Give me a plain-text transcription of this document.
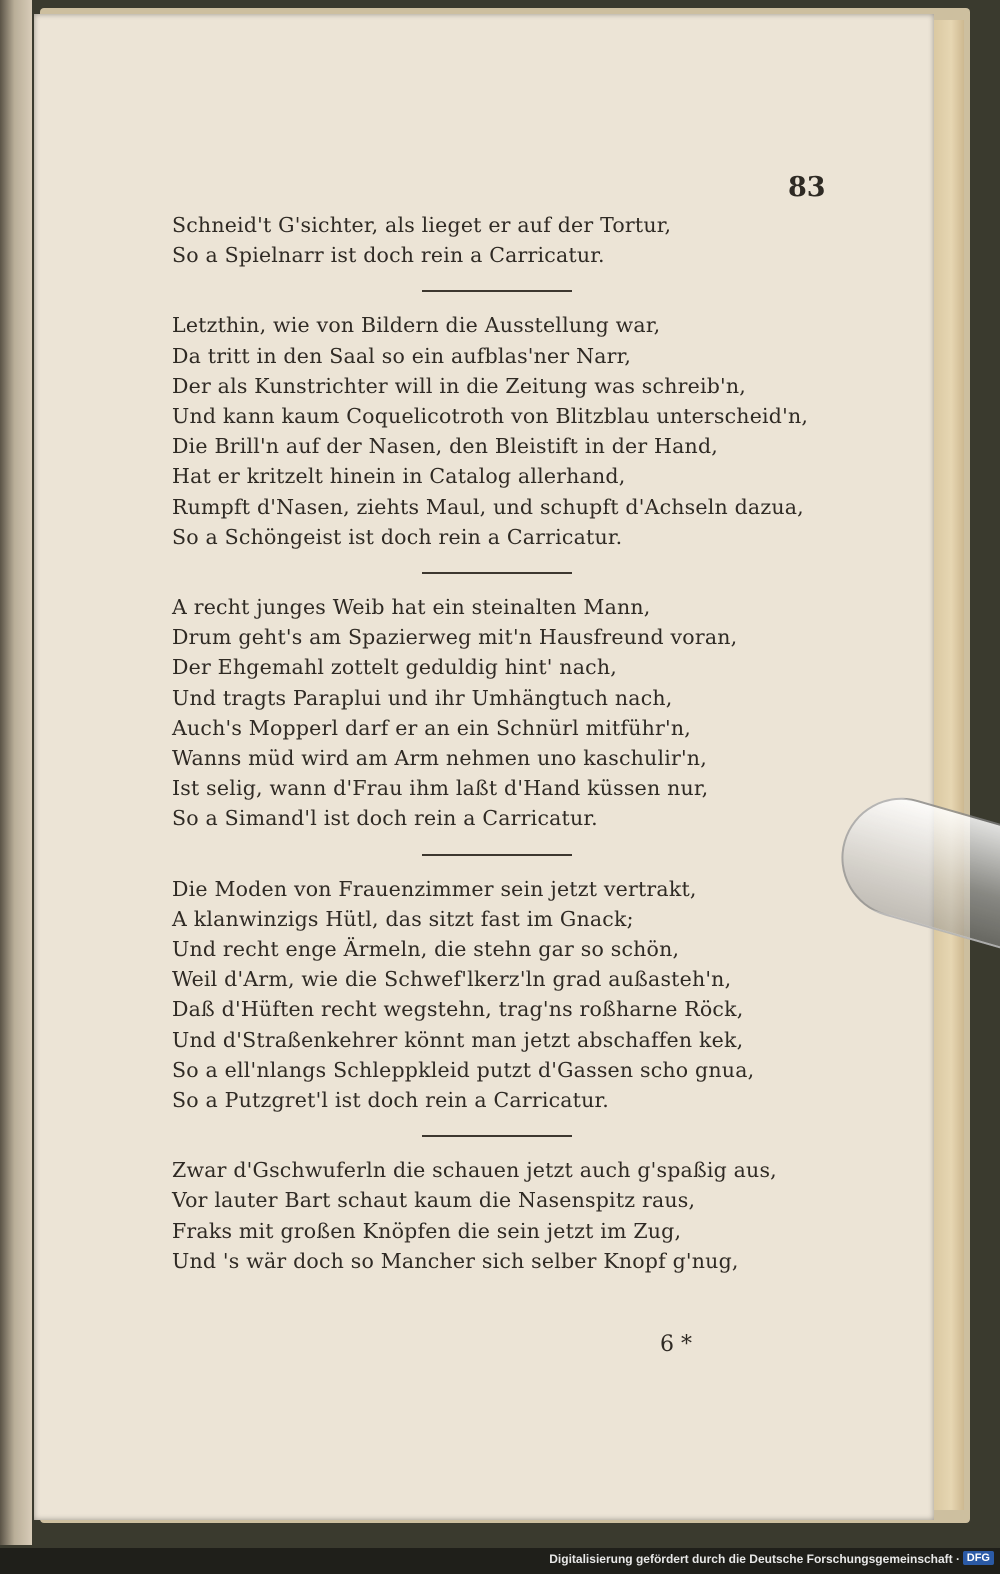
83
Schneid't G'sichter, als lieget er auf der Tortur,
So a Spielnarr ist doch rein a Carricatur.
Letzthin, wie von Bildern die Ausstellung war,
Da tritt in den Saal so ein aufblas'ner Narr,
Der als Kunstrichter will in die Zeitung was schreib'n,
Und kann kaum Coquelicotroth von Blitzblau unterscheid'n,
Die Brill'n auf der Nasen, den Bleistift in der Hand,
Hat er kritzelt hinein in Catalog allerhand,
Rumpft d'Nasen, ziehts Maul, und schupft d'Achseln dazua,
So a Schöngeist ist doch rein a Carricatur.
A recht junges Weib hat ein steinalten Mann,
Drum geht's am Spazierweg mit'n Hausfreund voran,
Der Ehgemahl zottelt geduldig hint' nach,
Und tragts Paraplui und ihr Umhängtuch nach,
Auch's Mopperl darf er an ein Schnürl mitführ'n,
Wanns müd wird am Arm nehmen uno kaschulir'n,
Ist selig, wann d'Frau ihm laßt d'Hand küssen nur,
So a Simand'l ist doch rein a Carricatur.
Die Moden von Frauenzimmer sein jetzt vertrakt,
A klanwinzigs Hütl, das sitzt fast im Gnack;
Und recht enge Ärmeln, die stehn gar so schön,
Weil d'Arm, wie die Schwef'lkerz'ln grad außasteh'n,
Daß d'Hüften recht wegstehn, trag'ns roßharne Röck,
Und d'Straßenkehrer könnt man jetzt abschaffen kek,
So a ell'nlangs Schleppkleid putzt d'Gassen scho gnua,
So a Putzgret'l ist doch rein a Carricatur.
Zwar d'Gschwuferln die schauen jetzt auch g'spaßig aus,
Vor lauter Bart schaut kaum die Nasenspitz raus,
Fraks mit großen Knöpfen die sein jetzt im Zug,
Und 's wär doch so Mancher sich selber Knopf g'nug,
6 *
Digitalisierung gefördert durch die Deutsche Forschungsgemeinschaft · DFG
